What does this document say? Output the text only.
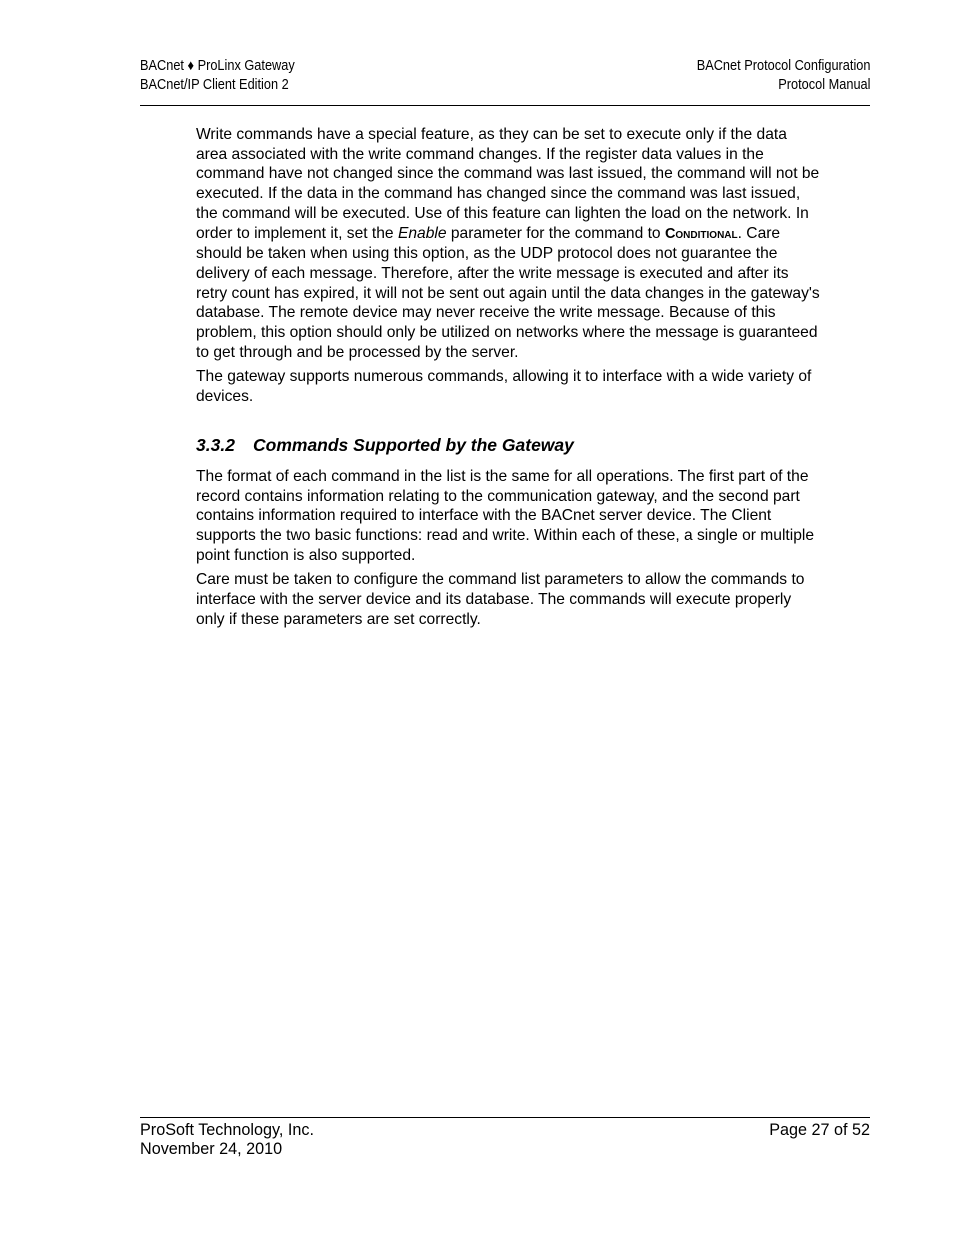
BACnet ♦ ProLinx Gateway
BACnet/IP Client Edition 2
BACnet Protocol Configuration
Protocol Manual

Write commands have a special feature, as they can be set to execute only if the data area associated with the write command changes. If the register data values in the command have not changed since the command was last issued, the command will not be executed. If the data in the command has changed since the command was last issued, the command will be executed. Use of this feature can lighten the load on the network. In order to implement it, set the Enable parameter for the command to Conditional. Care should be taken when using this option, as the UDP protocol does not guarantee the delivery of each message. Therefore, after the write message is executed and after its retry count has expired, it will not be sent out again until the data changes in the gateway's database. The remote device may never receive the write message. Because of this problem, this option should only be utilized on networks where the message is guaranteed to get through and be processed by the server.

The gateway supports numerous commands, allowing it to interface with a wide variety of devices.

3.3.2 Commands Supported by the Gateway

The format of each command in the list is the same for all operations. The first part of the record contains information relating to the communication gateway, and the second part contains information required to interface with the BACnet server device. The Client supports the two basic functions: read and write. Within each of these, a single or multiple point function is also supported.

Care must be taken to configure the command list parameters to allow the commands to interface with the server device and its database. The commands will execute properly only if these parameters are set correctly.

ProSoft Technology, Inc.
November 24, 2010
Page 27 of 52
